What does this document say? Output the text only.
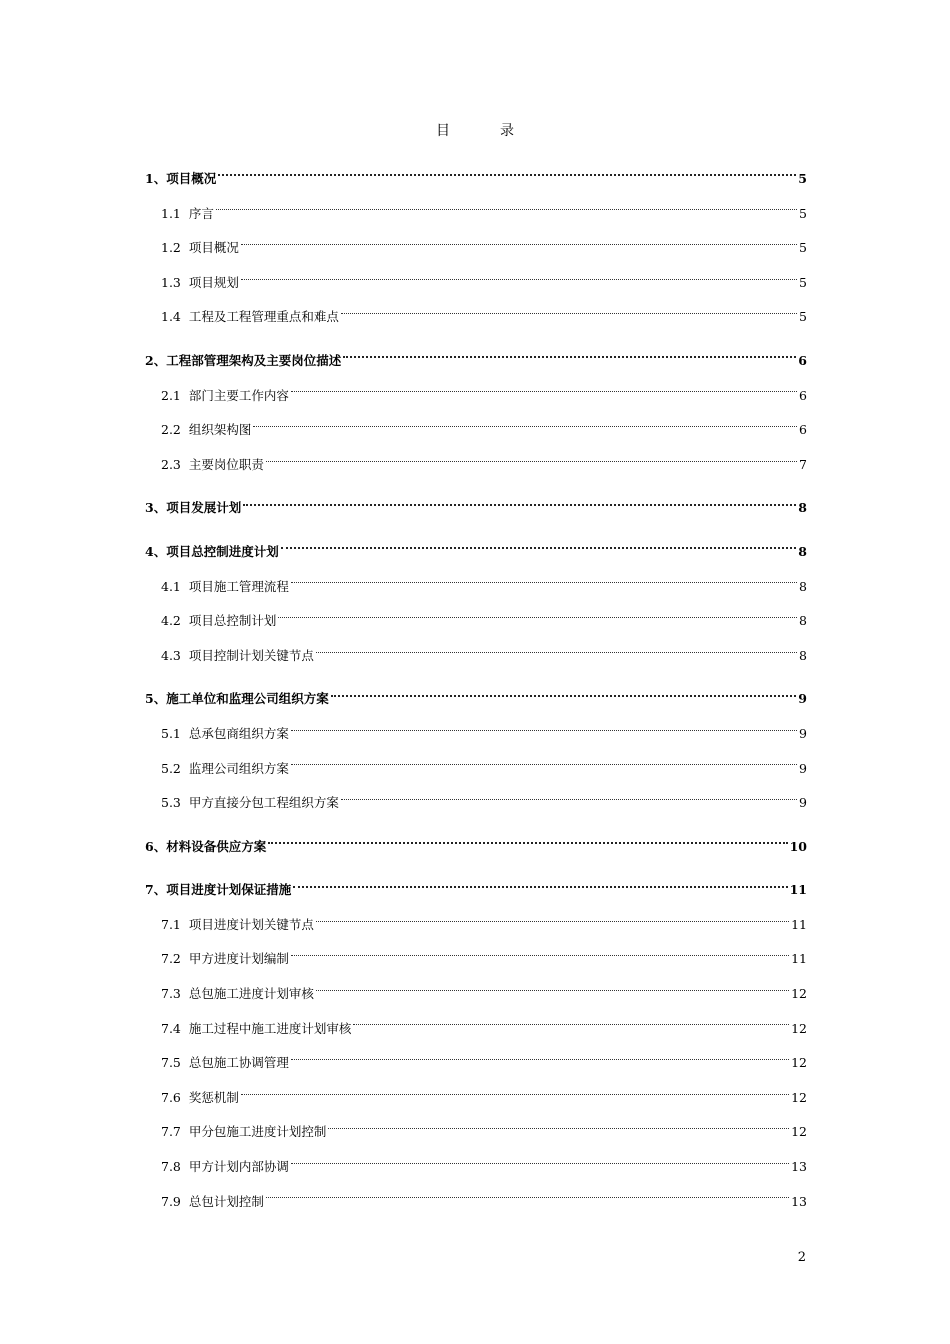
目　录
1 、项目概况	5
1.1 序言	5
1.2 项目概况	5
1.3 项目规划	5
1.4 工程及工程管理重点和难点	5
2 、工程部管理架构及主要岗位描述	6
2.1 部门主要工作内容	6
2.2 组织架构图	6
2.3 主要岗位职责	7
3 、项目发展计划	8
4 、项目总控制进度计划	8
4.1 项目施工管理流程	8
4.2 项目总控制计划	8
4.3 项目控制计划关键节点	8
5 、施工单位和监理公司组织方案	9
5.1 总承包商组织方案	9
5.2 监理公司组织方案	9
5.3 甲方直接分包工程组织方案	9
6 、材料设备供应方案	10
7 、项目进度计划保证措施	11
7.1 项目进度计划关键节点	11
7.2 甲方进度计划编制	11
7.3 总包施工进度计划审核	12
7.4 施工过程中施工进度计划审核	12
7.5 总包施工协调管理	12
7.6 奖惩机制	12
7.7 甲分包施工进度计划控制	12
7.8 甲方计划内部协调	13
7.9 总包计划控制	13
2
